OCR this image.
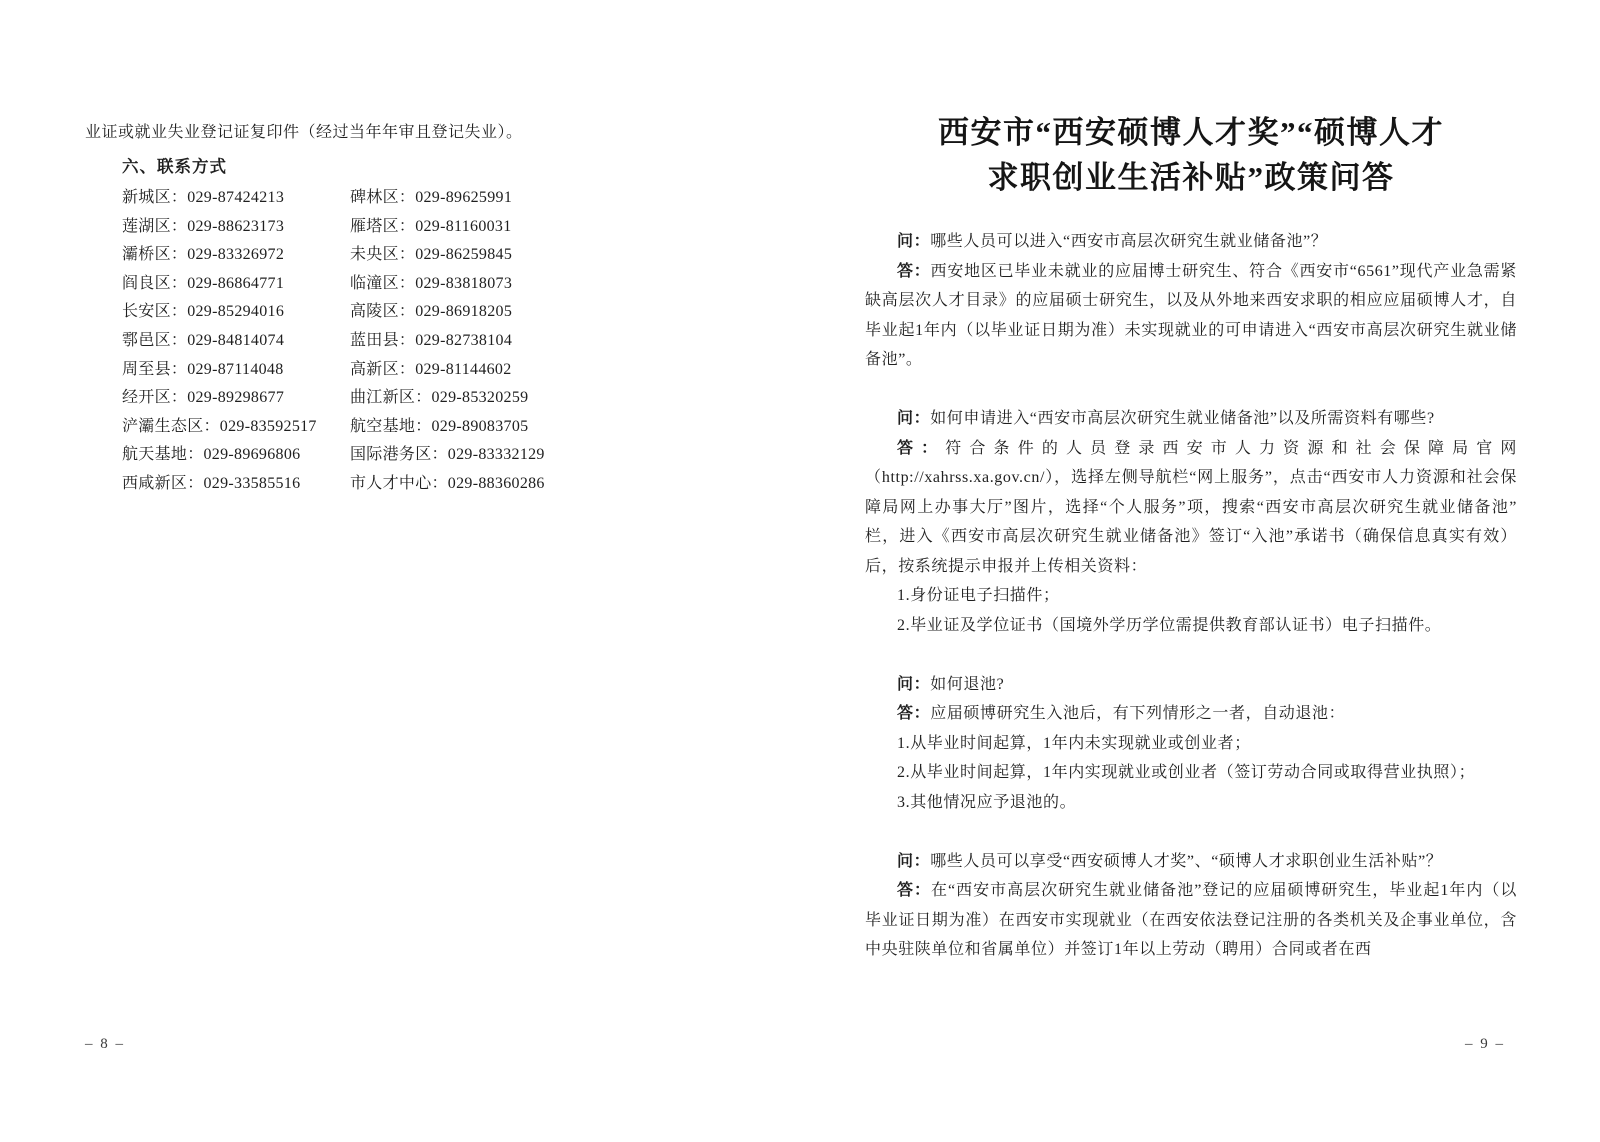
业证或就业失业登记证复印件（经过当年年审且登记失业）。

六、联系方式
新城区：029-87424213	碑林区：029-89625991
莲湖区：029-88623173	雁塔区：029-81160031
灞桥区：029-83326972	未央区：029-86259845
阎良区：029-86864771	临潼区：029-83818073
长安区：029-85294016	高陵区：029-86918205
鄠邑区：029-84814074	蓝田县：029-82738104
周至县：029-87114048	高新区：029-81144602
经开区：029-89298677	曲江新区：029-85320259
浐灞生态区：029-83592517	航空基地：029-89083705
航天基地：029-89696806	国际港务区：029-83332129
西咸新区：029-33585516	市人才中心：029-88360286
西安市“西安硕博人才奖”“硕博人才
求职创业生活补贴”政策问答

问：哪些人员可以进入“西安市高层次研究生就业储备池”？

答：西安地区已毕业未就业的应届博士研究生、符合《西安市“6561”现代产业急需紧缺高层次人才目录》的应届硕士研究生，以及从外地来西安求职的相应应届硕博人才，自毕业起1年内（以毕业证日期为准）未实现就业的可申请进入“西安市高层次研究生就业储备池”。

问：如何申请进入“西安市高层次研究生就业储备池”以及所需资料有哪些?

答：符合条件的人员登录西安市人力资源和社会保障局官网（http://xahrss.xa.gov.cn/），选择左侧导航栏“网上服务”，点击“西安市人力资源和社会保障局网上办事大厅”图片，选择“个人服务”项，搜索“西安市高层次研究生就业储备池” 栏，进入《西安市高层次研究生就业储备池》签订“入池”承诺书（确保信息真实有效）后，按系统提示申报并上传相关资料：

1.身份证电子扫描件；

2.毕业证及学位证书（国境外学历学位需提供教育部认证书）电子扫描件。

问：如何退池?

答：应届硕博研究生入池后，有下列情形之一者，自动退池：

1.从毕业时间起算，1年内未实现就业或创业者；

2.从毕业时间起算，1年内实现就业或创业者（签订劳动合同或取得营业执照）；

3.其他情况应予退池的。

问：哪些人员可以享受“西安硕博人才奖”、“硕博人才求职创业生活补贴”？

答：在“西安市高层次研究生就业储备池”登记的应届硕博研究生，毕业起1年内（以毕业证日期为准）在西安市实现就业（在西安依法登记注册的各类机关及企事业单位，含中央驻陕单位和省属单位）并签订1年以上劳动（聘用）合同或者在西

– 8 –	– 9 –
